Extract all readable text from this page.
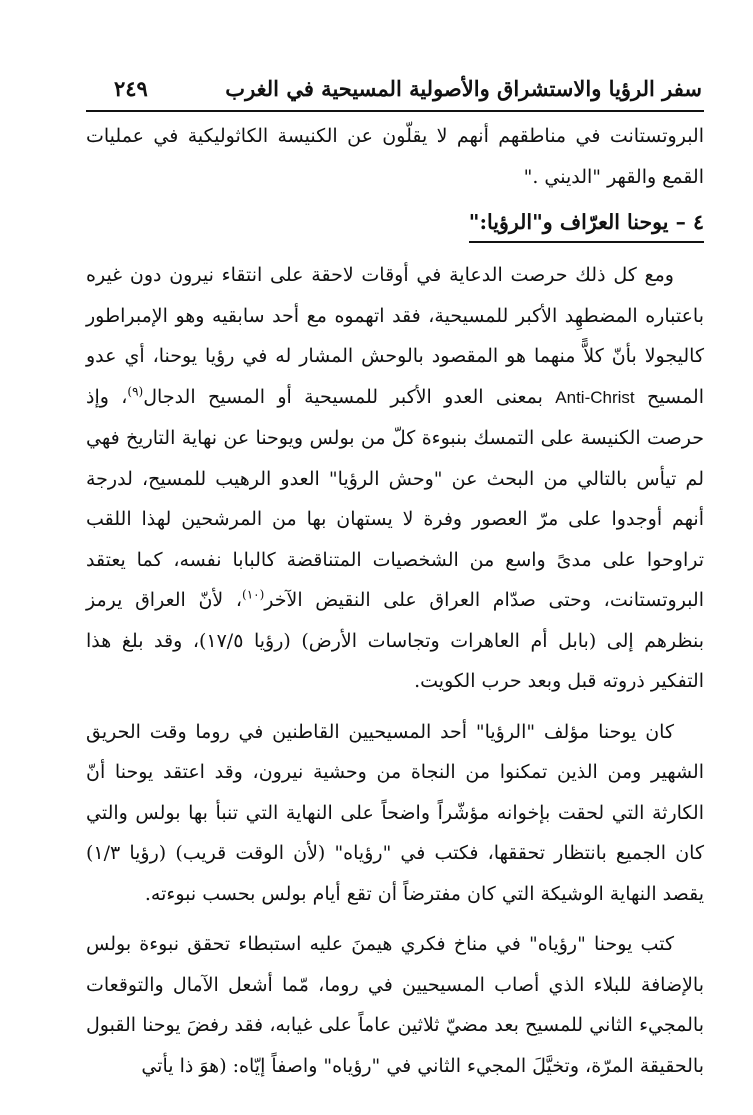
سفر الرؤيا والاستشراق والأصولية المسيحية في الغرب
٢٤٩

البروتستانت في مناطقهم أنهم لا يقلّون عن الكنيسة الكاثوليكية في عمليات القمع والقهر "الديني ."

٤ – يوحنا العرّاف و"الرؤيا:"

ومع كل ذلك حرصت الدعاية في أوقات لاحقة على انتقاء نيرون دون غيره باعتباره المضطهِد الأكبر للمسيحية، فقد اتهموه مع أحد سابقيه وهو الإمبراطور كاليجولا بأنّ كلاًّ منهما هو المقصود بالوحش المشار له في رؤيا يوحنا، أي عدو المسيح Anti-Christ بمعنى العدو الأكبر للمسيحية أو المسيح الدجال$^{(٩)}$، وإذ حرصت الكنيسة على التمسك بنبوءة كلّ من بولس ويوحنا عن نهاية التاريخ فهي لم تيأس بالتالي من البحث عن "وحش الرؤيا" العدو الرهيب للمسيح، لدرجة أنهم أوجدوا على مرّ العصور وفرة لا يستهان بها من المرشحين لهذا اللقب تراوحوا على مدىً واسع من الشخصيات المتناقضة كالبابا نفسه، كما يعتقد البروتستانت، وحتى صدّام العراق على النقيض الآخر$^{(١٠)}$، لأنّ العراق يرمز بنظرهم إلى (بابل أم العاهرات وتجاسات الأرض) (رؤيا ١٧/٥)، وقد بلغ هذا التفكير ذروته قبل وبعد حرب الكويت.

كان يوحنا مؤلف "الرؤيا" أحد المسيحيين القاطنين في روما وقت الحريق الشهير ومن الذين تمكنوا من النجاة من وحشية نيرون، وقد اعتقد يوحنا أنّ الكارثة التي لحقت بإخوانه مؤشّراً واضحاً على النهاية التي تنبأ بها بولس والتي كان الجميع بانتظار تحققها، فكتب في "رؤياه" (لأن الوقت قريب) (رؤيا ١/٣) يقصد النهاية الوشيكة التي كان مفترضاً أن تقع أيام بولس بحسب نبوءته.

كتب يوحنا "رؤياه" في مناخ فكري هيمنَ عليه استبطاء تحقق نبوءة بولس بالإضافة للبلاء الذي أصاب المسيحيين في روما، مّما أشعل الآمال والتوقعات بالمجيء الثاني للمسيح بعد مضيّ ثلاثين عاماً على غيابه، فقد رفضَ يوحنا القبول بالحقيقة المرّة، وتخيَّلَ المجيء الثاني في "رؤياه" واصفاً إيّاه: (هوَ ذا يأتي
